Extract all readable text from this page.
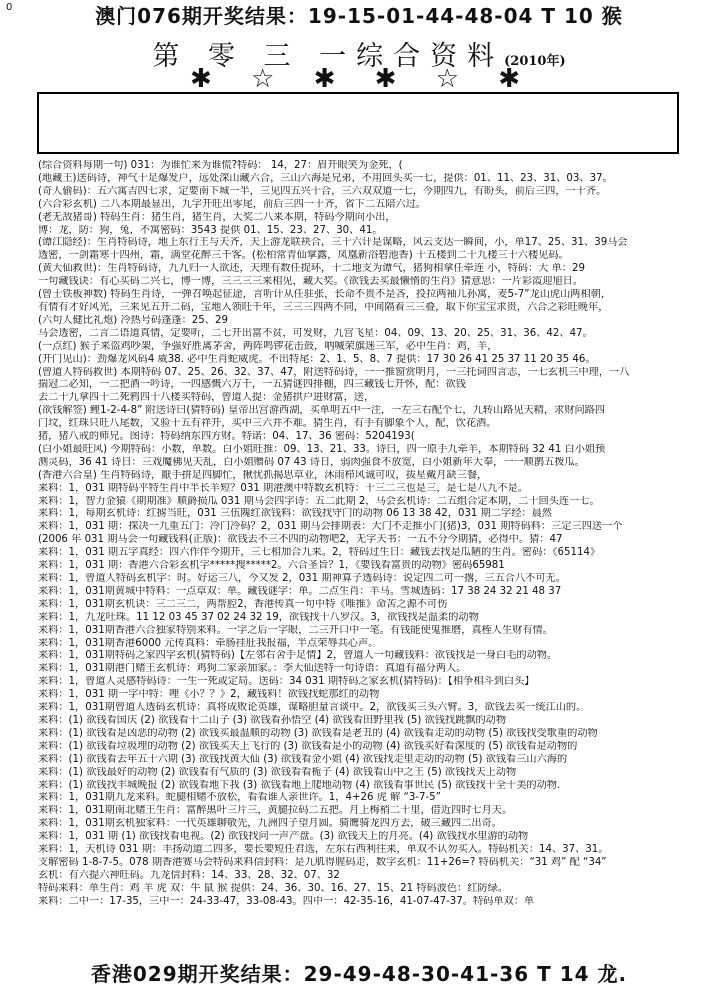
0	澳门076期开奖结果：19-15-01-44-48-04 T 10 猴
第 零 三 一综合资料(2010年)
✱ ☆ ✱ ✱ ☆ ✱

(综合资料每期一句) 031：为谁忙来为谁慌?特码： 14，27：眉开眼笑为金死，(

(地藏王)送码诗，神气十足爆发户，远处深山藏六合，三山六海是兄弟，不用回头买一七，提供：01、11、23、31、03、37。

(奇人偷码)：五六寓吉四七求，定要南下城一半，三见四五兴十合，三六双双道一七，今期四九，有盼头，前后三四，一十齐。

(六合彩玄机) 二八本期最显出，九字开旺出零尾，前后三四一十齐，省下二五陪六过。

(老无敌猪哥) 特码生肖：猪生肖，猪生肖，大奖二八来本期，特码今期向小出，

博：龙，防：狗，兔，不寓密码：3543 提供 01、15、23、27、30、41。

(谭江隐经)：生肖特码诗，地上东行王与天齐，天上游龙联袂合，三十六计是谋略，风云支达一瞬间，小，单17、25、31、39马会

透密，一剑霜寒十四州，霜，满堂花醉三千客。(松柏常青仙掌露，凤凰新浴碧池香) 十五楼到二十九楼三十六楼见码。

(黄大仙救世)：生肖特码诗，九九归一人欲还，天理有数任捉环，十二地支为谭气，猪狗相拿任牵连 小，特码：大 单：29

一句藏钱诀：有心买码二兴七，博一博，三三三三来相见，藏大奖。《欲钱去买最懒惰的生肖》猜意思：一片彩霞迎旭日。

(曾士铁板神数) 特码生肖诗，一弹召唤起征途，言听计从任驻张，长命不贵不是吝，投拉两袖儿孙寓，麦5-7”龙山虎山两相朝，

有情有才好风光，三来见五开二码，宝地入领旺千年，三三三四两不同，中间隔着三三叠，取下你宝宝求贵，六合之彩旺晚年，

(六句人健比礼炮) 冷热号码蓬蓬：25、29

马会透密，二言二语道真情，定要听，二七开出富不贫，可发财，九宫飞星：04、09、13、20、25、31、36、42、47。

(一点红) 猴子来盗鸡吵架，争强好胜离茅舍，两阵鸣锣花击鼓，吶喊荣旗迷三军，必中生肖：鸡，羊，

(开门见山)：劲爆龙风码4 威38. 必中生肖蛇威虎。不出特尾：2、1、5、8、7 提供：17 30 26 41 25 37 11 20 35 46。

(曾道人特码救世) 本期特码 07、25、26、32、37、47，附送特码诗，一一推窗赏明月，一三托词四言志，一七玄机三中理，一八

揣冠二必知，一二把酒一吟诗，一四感慨六万千，一五猜谜四排棚，四三藏钱七开怀，配：欲钱

去二十九拿四十二死鸦四十八楼买特码，曾道人提：金猪拱户进财富，送，

(欲钱解签) 鲤1-2-4-8” 附送诗曰(猜特码) 皇帝出宫游西湖，买单明五中一注，一左三右配个七，九转山路见天精，求财问路四

门坟，红珠只旺八尾数，又验十五有祥开，买中三六并不难。猜生肖，有手有脚象个人，配，饮花酒。

猪，猪八戒的师兄。图诗：特码纳东四方财。特诺：04、17、36 密码：5204193(

(白小姐最旺风) 今期特码：小数，单数。白小姐旺推：09、13、21、33。诗曰，四一原手九牵羊，本期特码 32 41 白小姐预

测灵码，36 41 诗日：三戏魔佛见天乱，白小姐赠码 07 43 诗日，弱肉强食不放宽，白小姐新年大奉，一一顺鹊五拨瓜。

(香港六合皇) 生肖特码诗，厭手拼足四脚忙，揪忧抓揭思草业，沐雨栉风诚可叹，拔星戴月缺三餐，

来料：1，031 期特码平特生肖中半长羊短？031 期港澳中特数玄机特：十三二三也是三，是七是八九不是。

来料：1，智力金猿《期期准》顺爵损瓜 031 期马会四字诗：五二此期 2，马会玄机诗：二五组合定本期，二十回头连一七。

来料：1，每期玄机诗：红掳当旺，031 三伍隗红欲钱料：欲钱找守门的动物 06 13 38 42，031 期二字经：晨然

来料：1，031 期：探决一九重五门：冷门冷码？2，031 期马会排期表：大门不走推小门(猪)3，031 期特码料：三定三四送一个

(2006 年 031 期马会一句藏钱料(正版)：欲钱去不三不四的动物吧2，无字天书：一五不分今期猜，必得中。猜：47

来料：1，031 期五字真经：四六作伴今期开，三七相加合九来。2，特码过生日：藏钱去找是瓜陋的生肖。密码：《65114》

来料：1，031 期：香港六合彩玄机字*****搜*****2。六合圣旨？1，《要钱看富贵的动物》密码65981

来料：1，曾道人特码玄机字：时。好运三八，今又发 2，031 期神算子透码诗：说定四二可一撂，三五合八不可无。

来料：1，031期黄城中特料：一点草双：单。藏钱谜字：单。二点生肖：羊马。雪城透码：17 38 24 32 21 48 37

来料：1，031期玄机诀：三二三二，两帮腔2，香港传真一句中特《唯推》命苦之源不可伤

来料：1，九龙吐珠。11 12 03 45 37 02 24 32 19，欲钱找十八罗汉。3，欲钱找是温柔的动物

来料：1，031期香港六合独家特别来料。一字之后一字眼，二三开口中一笔。有钱能使鬼推磨，真桎人生财有情。

来料：1，031期香港6000 元传真料：牵肠挂肚我报福，半点荣辱共心声。

来料：1，031期特码之家四字玄机(猜特码)【左邻右舍手足情】2，曾道人一句藏钱料：欲钱找是一身白毛的动物。

来料：1，031期港门赌王玄机诗：鸡狗二家亲加家。：李大仙送特一句诗语：真道有福分两人。

来料：1，曾道人灵感特码诗：一生一死或定局。送码：34 031 期特码之家玄机(猜特码)：【相争相斗到白头】

来料：1，031 期一字中特：哩《小？？》2，藏钱料！欲钱找蛇那红的动物

来料：1，031期曾道人透码玄机诗：真将成败论英雄，谋略胆量言谈中。2，欲钱买三头六臂。3，欲钱去买一统江山的。

来料：(1) 欲钱看国庆 (2) 欲钱看十二山子 (3) 欲钱看孙悟空 (4) 欲钱看田野里我 (5) 欲钱找跳飘的动物

来料：(1) 欲钱看是凶恶的动物 (2) 欲钱买最温顺的动物 (3) 欲钱看是老丑的 (4) 欲钱看走动的动物 (5) 欲钱找受歌重的动物

来料：(1) 欲钱看垃圾埋的动物 (2) 欲钱买天上飞行的 (3) 欲钱看是小的动物 (4) 欲钱买好看深度的 (5) 欲钱看是动物的

来料：(1) 欲钱看去年五十六期 (3) 欲钱找黄大仙 (3) 欲钱看金小姐 (4) 欲钱找走里走动的动物 (5) 欲钱看三山六海的

来料：(1) 欲钱最好的动物 (2) 欲钱看有气质的 (3) 欲钱看看栀子 (4) 欲钱看山中之王 (5) 欲钱找天上动物

来料：(1) 欲钱找丰城晚报 (2) 欲钱看地下我 (3) 欲钱看地上爬地动物 (4) 欲钱看事世民 (5) 欲钱找十全十美的动物.

来料：1，031期九龙来料。蛇腿相赌不放松，看看谁人亲世许。1，4+26 虎 解 “3-7-5”

来料：1，031期南北赌王生肖：富醉黑叶三片三，黄腿拉码二五把。月上梅梢二十里，借近四时七月天。

来料：1，031期玄机独家料：一代英雄聊敬先，九洲四子望月圆。骑鹰骑龙四方去，破三藏四二出奇。

来料：1，031 期 (1) 欲钱找看电视。(2) 欲钱找问一声产盘。(3) 欲钱天上的月亮。(4) 欲钱找水里游的动物

来料：1，天机诗 031 期：丰扬动道二四多，要长要短任君选，左东右西利往来，单双不认勿买入。特码机关：14、37、31。

支解密码 1-8-7-5。078 期香港赛马会特码来料信封料：是九肌得腥码走，数字玄机：11+26=? 特码机关：“31 鸡” 配 “34”

玄机：有六提六神旺码。九龙信封料：14、33、28、32、07、32

特码来料：单生肖：鸡 羊 虎 双：牛 鼠 猴 提供：24、36、30、16、27、15、21 特码波色：红防绿。

来料：二中一：17-35，三中一：24-33-47，33-08-43。四中一：42-35-16，41-07-47-37。特码单双：单

香港029期开奖结果：29-49-48-30-41-36 T 14 龙.
